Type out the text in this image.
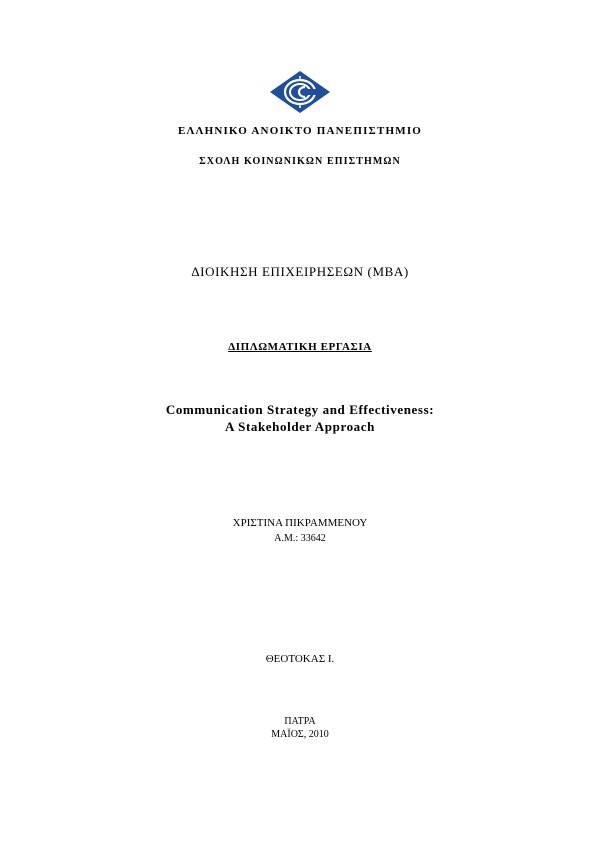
ΕΛΛΗΝΙΚΟ ΑΝΟΙΚΤΟ ΠΑΝΕΠΙΣΤΗΜΙΟ
ΣΧΟΛΗ ΚΟΙΝΩΝΙΚΩΝ ΕΠΙΣΤΗΜΩΝ
ΔΙΟΙΚΗΣΗ ΕΠΙΧΕΙΡΗΣΕΩΝ (MBA)
ΔΙΠΛΩΜΑΤΙΚΗ ΕΡΓΑΣΙΑ
Communication Strategy and Effectiveness:
A Stakeholder Approach
ΧΡΙΣΤΙΝΑ ΠΙΚΡΑΜΜΕΝΟΥ
Α.Μ.: 33642
ΘΕΟΤΟΚΑΣ Ι.
ΠΑΤΡΑ
ΜΑΪΟΣ, 2010
